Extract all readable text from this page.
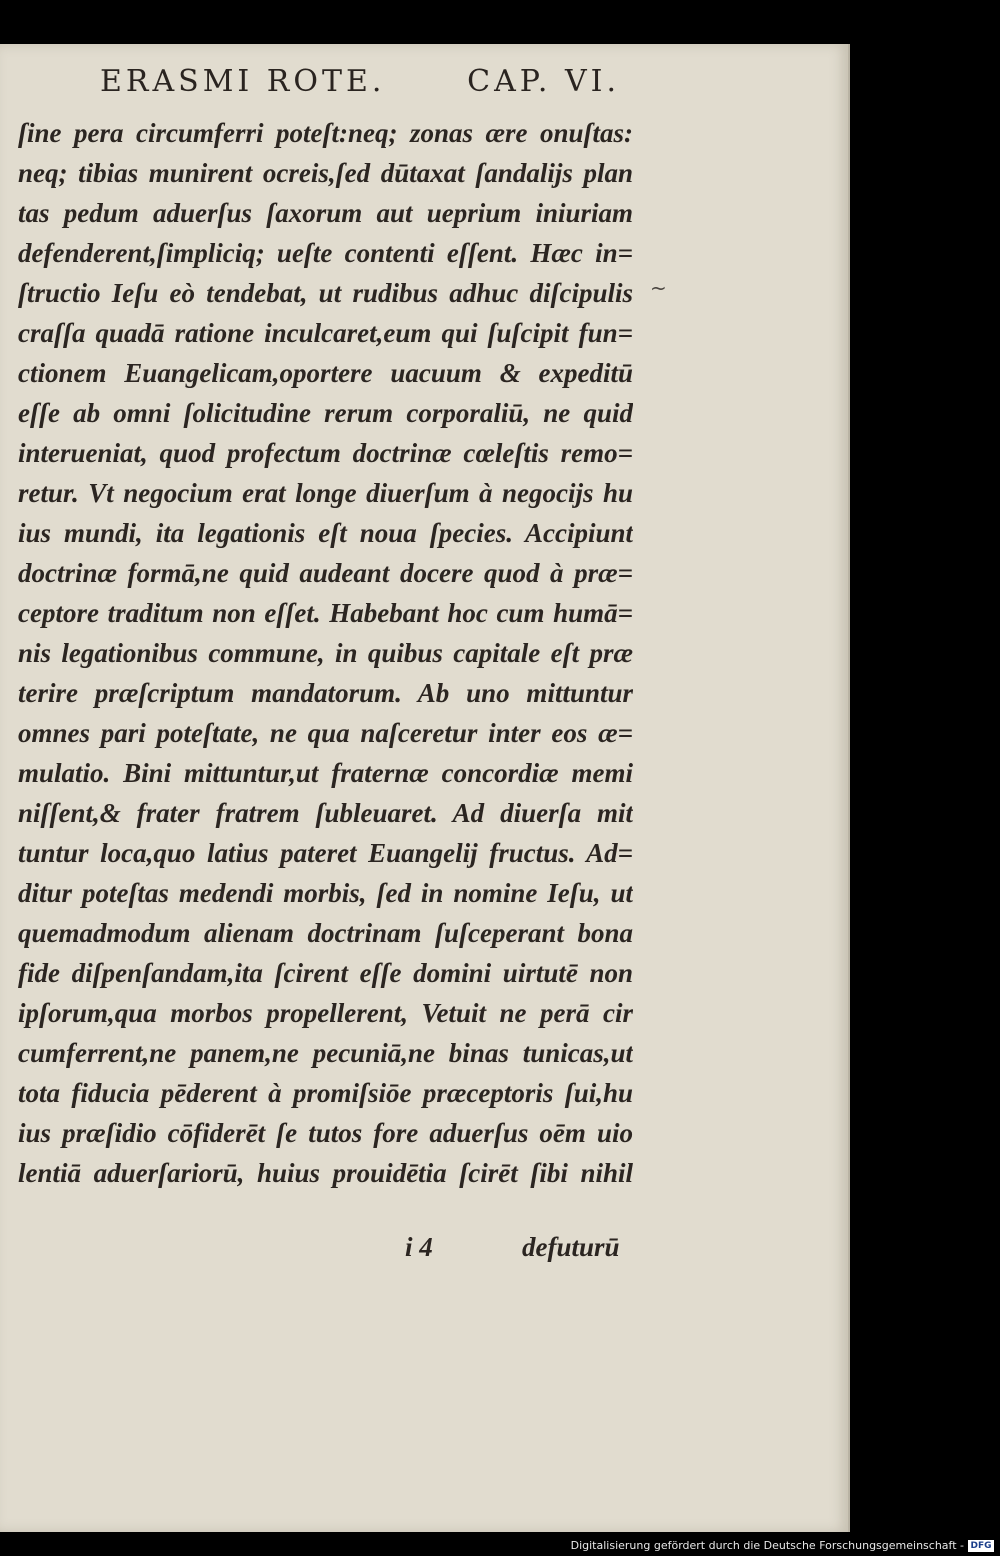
ERASMI ROTE.	CAP. VI.
ſine pera circumferri poteſt:neq; zonas ære onuſtas:
neq; tibias munirent ocreis,ſed dūtaxat ſandalijs plan
tas pedum aduerſus ſaxorum aut ueprium iniuriam
defenderent,ſimpliciq; ueſte contenti eſſent. Hæc in=
ſtructio Ieſu eò tendebat, ut rudibus adhuc diſcipulis
craſſa quadā ratione inculcaret,eum qui ſuſcipit fun=
ctionem Euangelicam,oportere uacuum & expeditū
eſſe ab omni ſolicitudine rerum corporaliū, ne quid
interueniat, quod profectum doctrinæ cœleſtis remo=
retur. Vt negocium erat longe diuerſum à negocijs hu
ius mundi, ita legationis eſt noua ſpecies. Accipiunt
doctrinæ formā,ne quid audeant docere quod à præ=
ceptore traditum non eſſet. Habebant hoc cum humā=
nis legationibus commune, in quibus capitale eſt præ
terire præſcriptum mandatorum. Ab uno mittuntur
omnes pari poteſtate, ne qua naſceretur inter eos æ=
mulatio. Bini mittuntur,ut fraternæ concordiæ memi
niſſent,& frater fratrem ſubleuaret. Ad diuerſa mit
tuntur loca,quo latius pateret Euangelij fructus. Ad=
ditur poteſtas medendi morbis, ſed in nomine Ieſu, ut
quemadmodum alienam doctrinam ſuſceperant bona
fide diſpenſandam,ita ſcirent eſſe domini uirtutē non
ipſorum,qua morbos propellerent, Vetuit ne perā cir
cumferrent,ne panem,ne pecuniā,ne binas tunicas,ut
tota fiducia pēderent à promiſsiōe præceptoris ſui,hu
ius præſidio cōfiderēt ſe tutos fore aduerſus oēm uio
lentiā aduerſariorū, huius prouidētia ſcirēt ſibi nihil
~
i 4	defuturū
Digitalisierung gefördert durch die Deutsche Forschungsgemeinschaft - DFG
